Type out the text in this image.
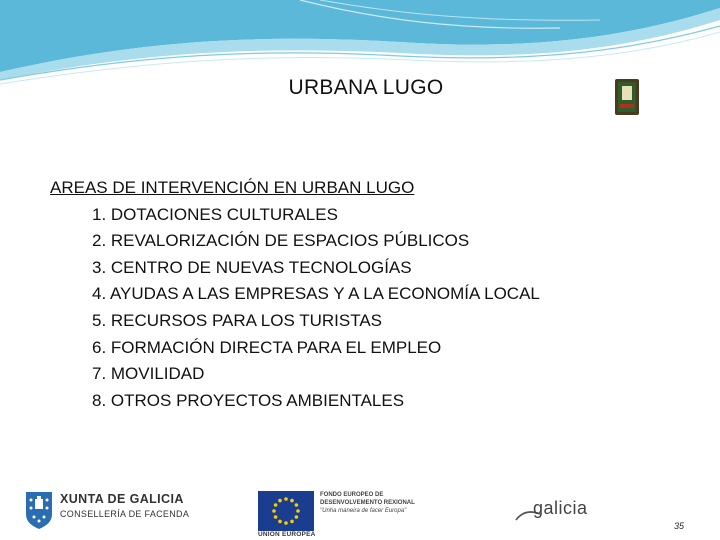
URBANA LUGO
AREAS DE INTERVENCIÓN EN URBAN LUGO
1. DOTACIONES CULTURALES
2. REVALORIZACIÓN DE ESPACIOS PÚBLICOS
3. CENTRO DE NUEVAS TECNOLOGÍAS
4. AYUDAS A LAS EMPRESAS Y A LA ECONOMÍA LOCAL
5. RECURSOS PARA LOS TURISTAS
6. FORMACIÓN DIRECTA PARA EL EMPLEO
7. MOVILIDAD
8. OTROS PROYECTOS AMBIENTALES
XUNTA DE GALICIA
CONSELLERÍA DE FACENDA
UNIÓN EUROPEA
FONDO EUROPEO DE
DESENVOLVEMENTO REXIONAL
"Unha maneira de facer Europa"	galicia
35
